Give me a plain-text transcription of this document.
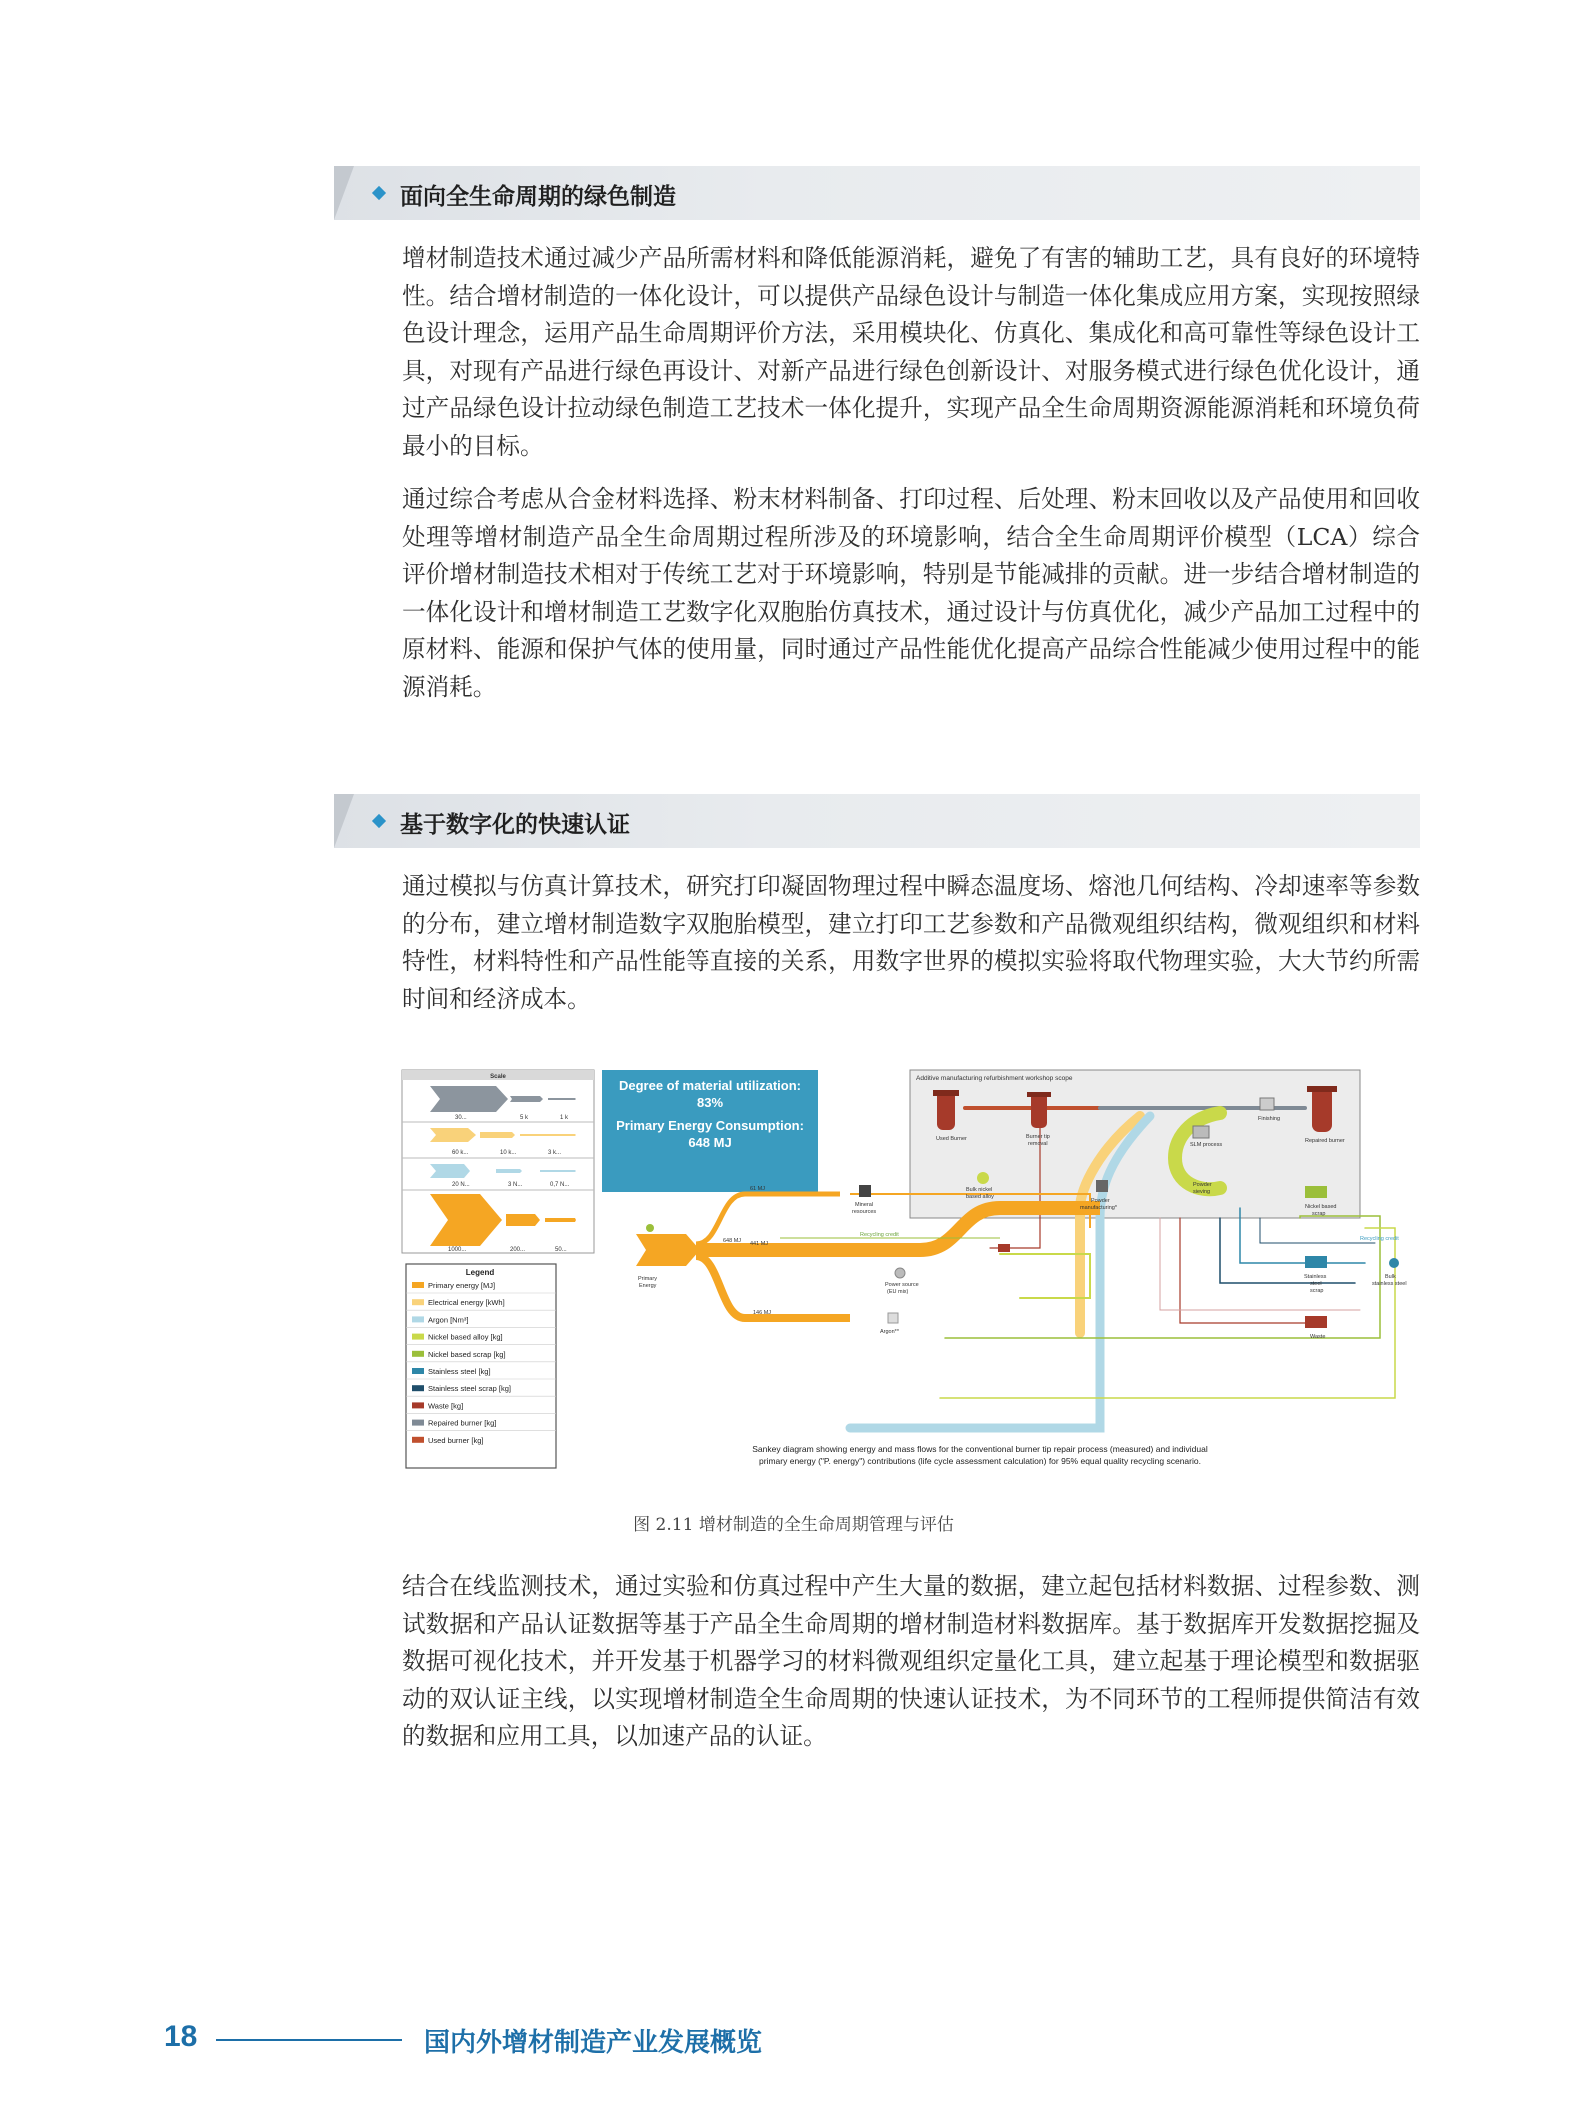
面向全生命周期的绿色制造

增材制造技术通过减少产品所需材料和降低能源消耗，避免了有害的辅助工艺，具有良好的环境特性。结合增材制造的一体化设计，可以提供产品绿色设计与制造一体化集成应用方案，实现按照绿色设计理念，运用产品生命周期评价方法，采用模块化、仿真化、集成化和高可靠性等绿色设计工具，对现有产品进行绿色再设计、对新产品进行绿色创新设计、对服务模式进行绿色优化设计，通过产品绿色设计拉动绿色制造工艺技术一体化提升，实现产品全生命周期资源能源消耗和环境负荷最小的目标。

通过综合考虑从合金材料选择、粉末材料制备、打印过程、后处理、粉末回收以及产品使用和回收处理等增材制造产品全生命周期过程所涉及的环境影响，结合全生命周期评价模型（LCA）综合评价增材制造技术相对于传统工艺对于环境影响，特别是节能减排的贡献。进一步结合增材制造的一体化设计和增材制造工艺数字化双胞胎仿真技术，通过设计与仿真优化，减少产品加工过程中的原材料、能源和保护气体的使用量，同时通过产品性能优化提高产品综合性能减少使用过程中的能源消耗。

基于数字化的快速认证

通过模拟与仿真计算技术，研究打印凝固物理过程中瞬态温度场、熔池几何结构、冷却速率等参数的分布，建立增材制造数字双胞胎模型，建立打印工艺参数和产品微观组织结构，微观组织和材料特性，材料特性和产品性能等直接的关系，用数字世界的模拟实验将取代物理实验，大大节约所需时间和经济成本。

Scale
30...	5 k	1 k
60 k...	10 k...	3 k...
20 N...	3 N...	0,7 N...
1000...	200...	50...
Legend
Primary energy [MJ]
Electrical energy [kWh]
Argon [Nm³]
Nickel based alloy [kg]
Nickel based scrap [kg]
Stainless steel [kg]
Stainless steel scrap [kg]
Waste [kg]
Repaired burner [kg]
Used burner [kg]
Degree of material utilization:
83%
Primary Energy Consumption:
648 MJ
Additive manufacturing refurbishment workshop scope
Used Burner	Burner tip
removal	SLM process
Finishing
Repaired burner
Powder
sieving
Mineral
resources
Bulk nickel
based alloy
Powder
manufacturing*	Nickel based
scrap
Recycling credit
Recycling credit
Power source
(EU mix)
Primary
Energy
Stainless
steel
scrap
Bulk
stainless steel
Waste
Argon**
648 MJ
61 MJ
441 MJ
146 MJ
Sankey diagram showing energy and mass flows for the conventional burner tip repair process (measured) and individual
primary energy ("P. energy") contributions (life cycle assessment calculation) for 95% equal quality recycling scenario.
图 2.11 增材制造的全生命周期管理与评估

结合在线监测技术，通过实验和仿真过程中产生大量的数据，建立起包括材料数据、过程参数、测试数据和产品认证数据等基于产品全生命周期的增材制造材料数据库。基于数据库开发数据挖掘及数据可视化技术，并开发基于机器学习的材料微观组织定量化工具，建立起基于理论模型和数据驱动的双认证主线，以实现增材制造全生命周期的快速认证技术，为不同环节的工程师提供简洁有效的数据和应用工具，以加速产品的认证。

18	国内外增材制造产业发展概览
